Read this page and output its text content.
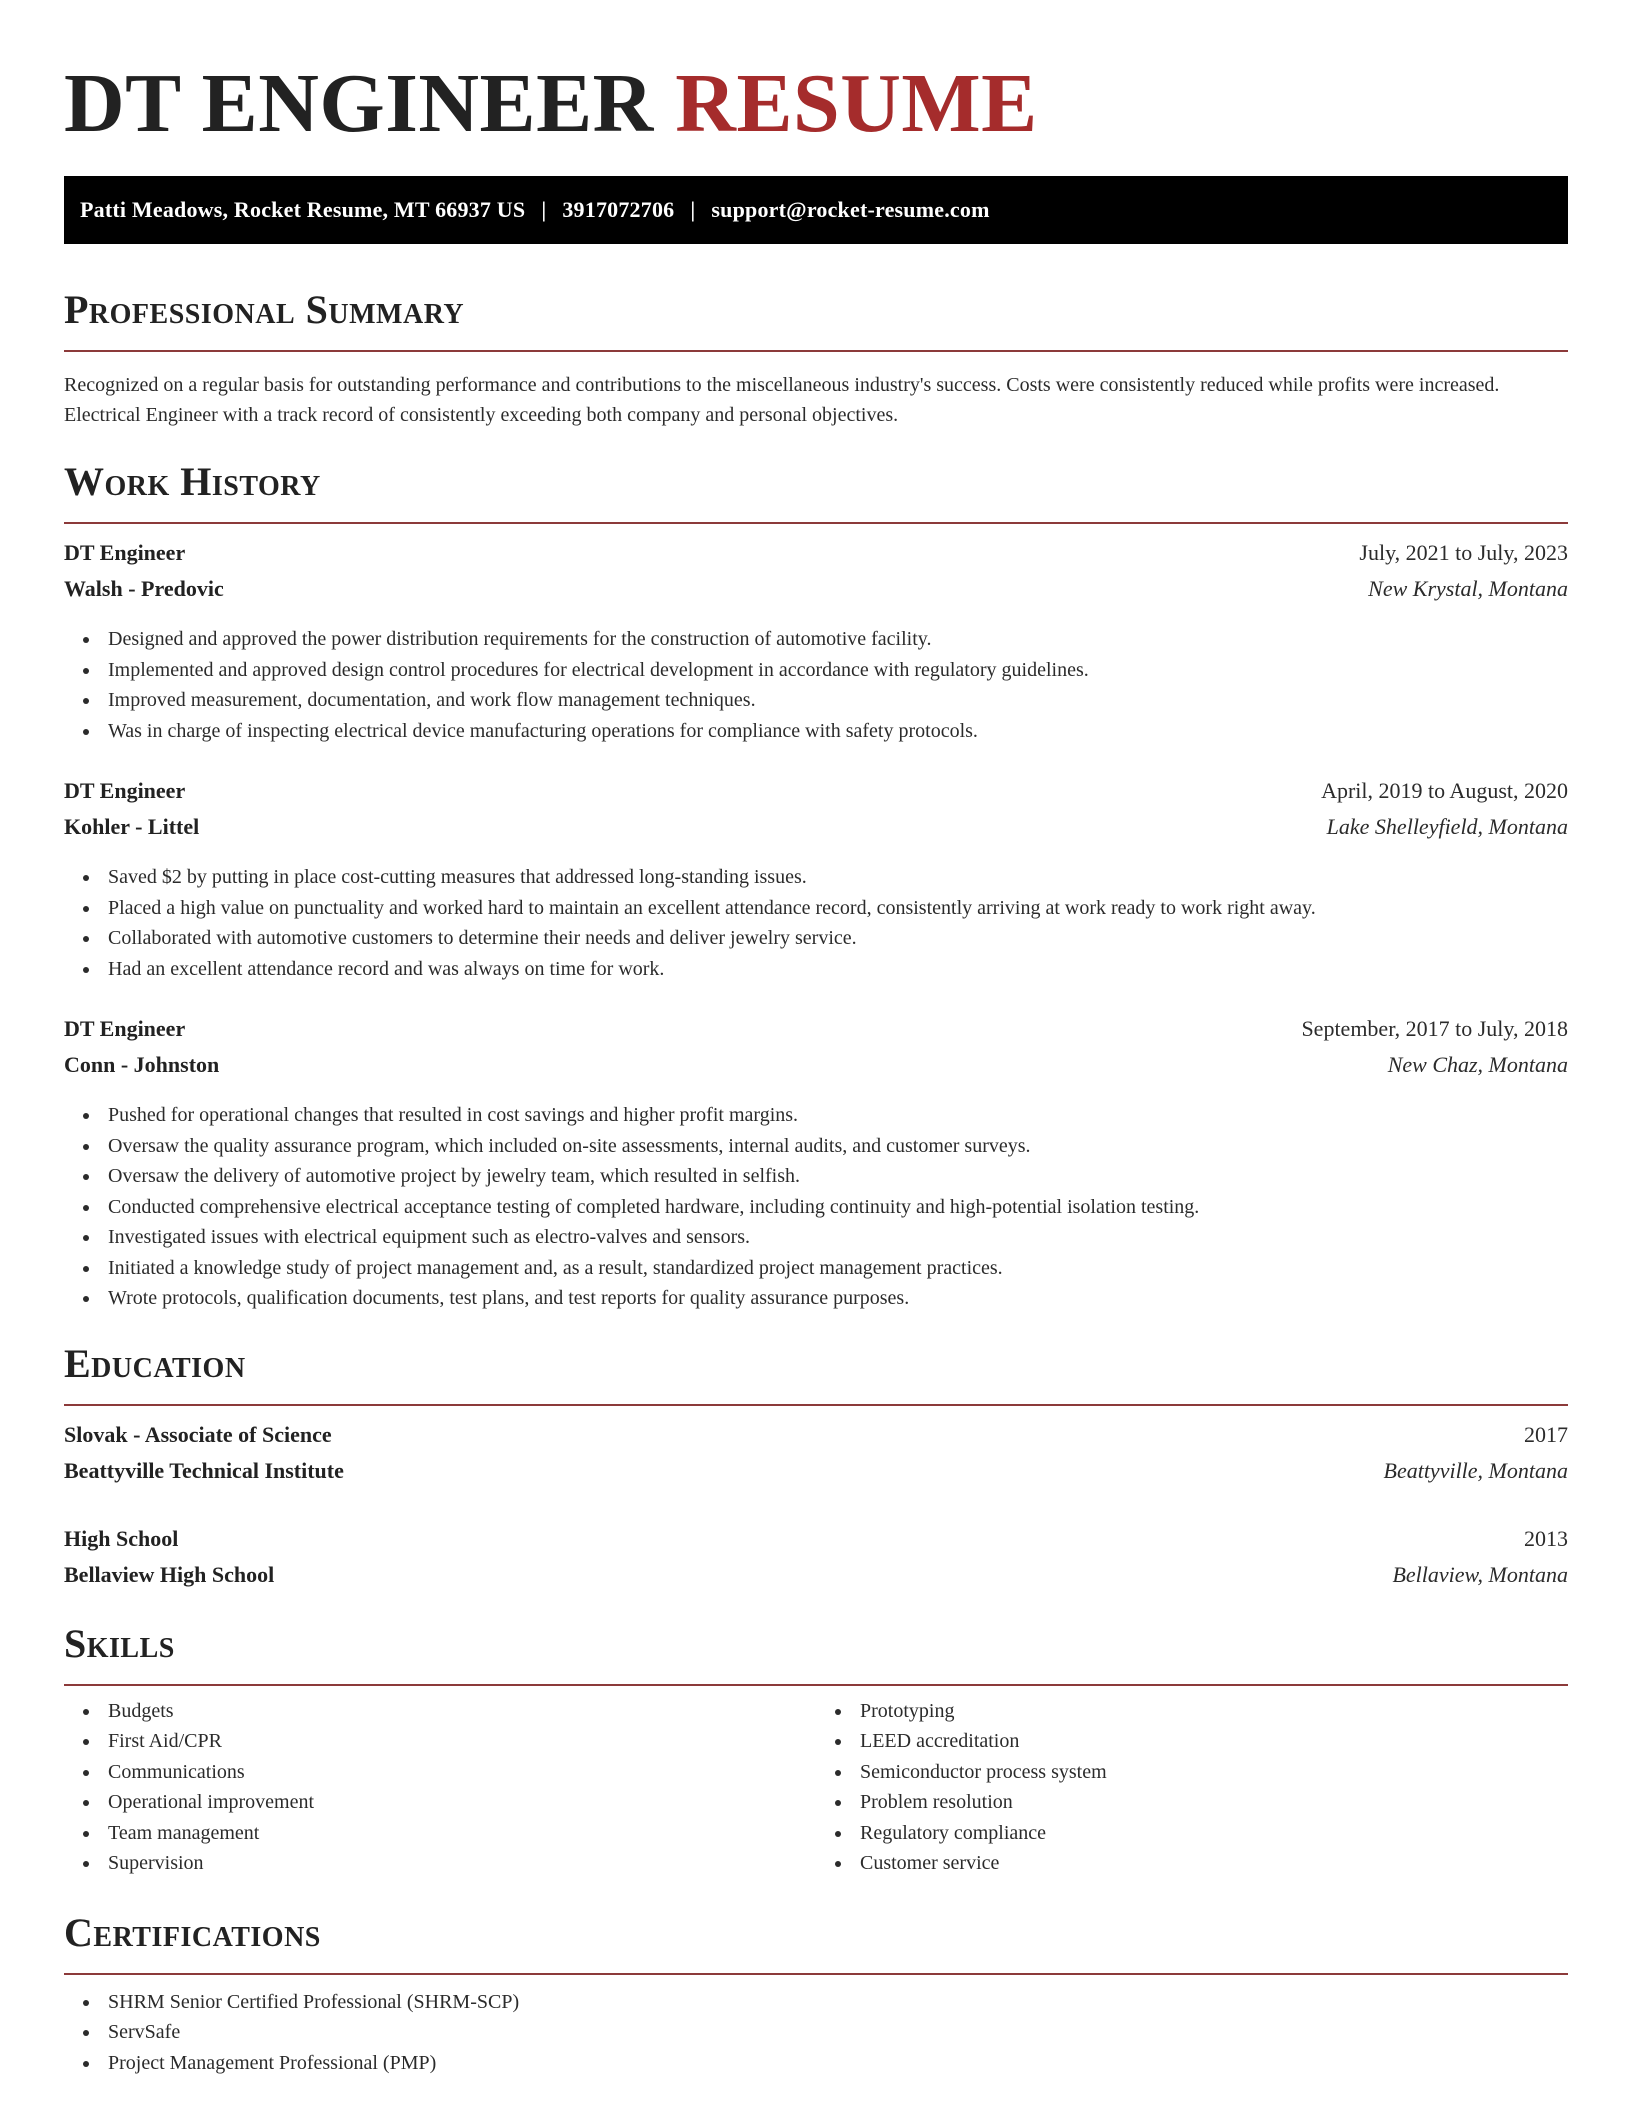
DT ENGINEER RESUME
Patti Meadows, Rocket Resume, MT 66937 US | 3917072706 | support@rocket-resume.com
Professional Summary

Recognized on a regular basis for outstanding performance and contributions to the miscellaneous industry's success. Costs were consistently reduced while profits were increased. Electrical Engineer with a track record of consistently exceeding both company and personal objectives.

Work History
DT Engineer	July, 2021 to July, 2023
Walsh - Predovic	New Krystal, Montana
Designed and approved the power distribution requirements for the construction of automotive facility.
Implemented and approved design control procedures for electrical development in accordance with regulatory guidelines.
Improved measurement, documentation, and work flow management techniques.
Was in charge of inspecting electrical device manufacturing operations for compliance with safety protocols.
DT Engineer	April, 2019 to August, 2020
Kohler - Littel	Lake Shelleyfield, Montana
Saved $2 by putting in place cost-cutting measures that addressed long-standing issues.
Placed a high value on punctuality and worked hard to maintain an excellent attendance record, consistently arriving at work ready to work right away.
Collaborated with automotive customers to determine their needs and deliver jewelry service.
Had an excellent attendance record and was always on time for work.
DT Engineer	September, 2017 to July, 2018
Conn - Johnston	New Chaz, Montana
Pushed for operational changes that resulted in cost savings and higher profit margins.
Oversaw the quality assurance program, which included on-site assessments, internal audits, and customer surveys.
Oversaw the delivery of automotive project by jewelry team, which resulted in selfish.
Conducted comprehensive electrical acceptance testing of completed hardware, including continuity and high-potential isolation testing.
Investigated issues with electrical equipment such as electro-valves and sensors.
Initiated a knowledge study of project management and, as a result, standardized project management practices.
Wrote protocols, qualification documents, test plans, and test reports for quality assurance purposes.
Education
Slovak - Associate of Science	2017
Beattyville Technical Institute	Beattyville, Montana
High School	2013
Bellaview High School	Bellaview, Montana
Skills
Budgets
First Aid/CPR
Communications
Operational improvement
Team management
Supervision
Prototyping
LEED accreditation
Semiconductor process system
Problem resolution
Regulatory compliance
Customer service
Certifications
SHRM Senior Certified Professional (SHRM-SCP)
ServSafe
Project Management Professional (PMP)
